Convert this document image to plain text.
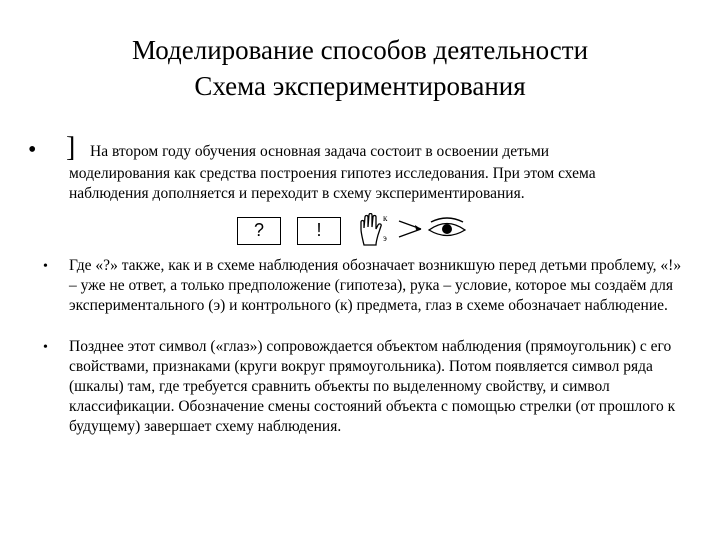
Моделирование способов деятельности
Схема экспериментирования
• ] На втором году обучения основная задача состоит в освоении детьми
моделирования как средства построения гипотез исследования. При этом схема наблюдения дополняется и переходит в схему экспериментирования.
?	!
к
э
• Где «?» также, как и в схеме наблюдения обозначает возникшую перед детьми проблему, «!» – уже не ответ, а только предположение (гипотеза), рука – условие, которое мы создаём для экспериментального (э) и контрольного (к) предмета, глаз в схеме обозначает наблюдение.
• Позднее этот символ («глаз») сопровождается объектом наблюдения (прямоугольник) с его свойствами, признаками (круги вокруг прямоугольника). Потом появляется символ ряда (шкалы) там, где требуется сравнить объекты по выделенному свойству, и символ классификации. Обозначение смены состояний объекта с помощью стрелки (от прошлого к будущему) завершает схему наблюдения.
